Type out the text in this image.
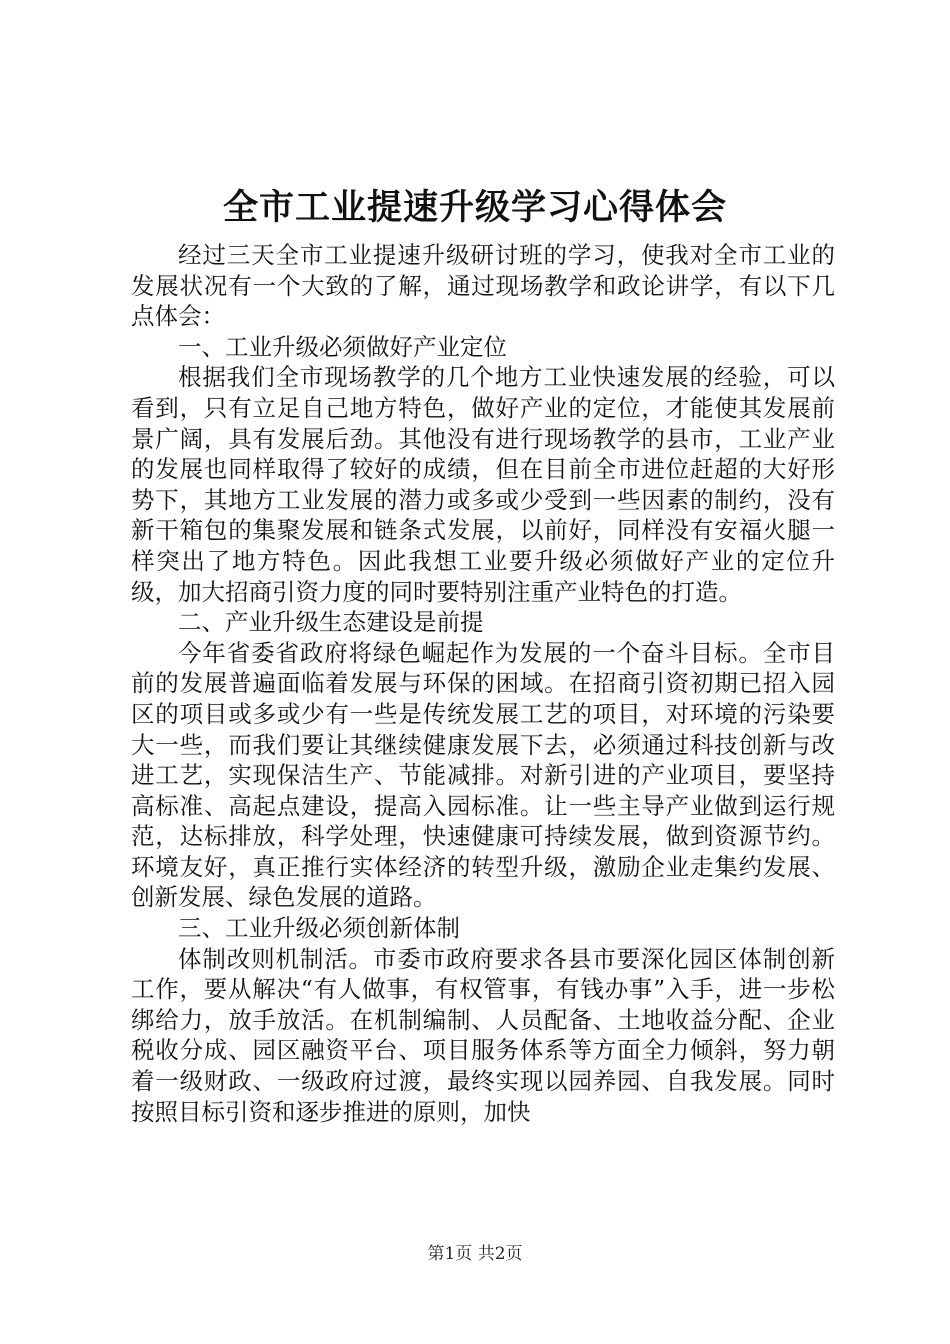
全市工业提速升级学习心得体会

经过三天全市工业提速升级研讨班的学习，使我对全市工业的发展状况有一个大致的了解，通过现场教学和政论讲学，有以下几点体会：

一、工业升级必须做好产业定位

根据我们全市现场教学的几个地方工业快速发展的经验，可以看到，只有立足自己地方特色，做好产业的定位，才能使其发展前景广阔，具有发展后劲。其他没有进行现场教学的县市，工业产业的发展也同样取得了较好的成绩，但在目前全市进位赶超的大好形势下，其地方工业发展的潜力或多或少受到一些因素的制约，没有新干箱包的集聚发展和链条式发展，以前好，同样没有安福火腿一样突出了地方特色。因此我想工业要升级必须做好产业的定位升级，加大招商引资力度的同时要特别注重产业特色的打造。

二、产业升级生态建设是前提

今年省委省政府将绿色崛起作为发展的一个奋斗目标。全市目前的发展普遍面临着发展与环保的困域。在招商引资初期已招入园区的项目或多或少有一些是传统发展工艺的项目，对环境的污染要大一些，而我们要让其继续健康发展下去，必须通过科技创新与改进工艺，实现保洁生产、节能减排。对新引进的产业项目，要坚持高标准、高起点建设，提高入园标准。让一些主导产业做到运行规范，达标排放，科学处理，快速健康可持续发展，做到资源节约。环境友好，真正推行实体经济的转型升级，激励企业走集约发展、创新发展、绿色发展的道路。

三、工业升级必须创新体制

体制改则机制活。市委市政府要求各县市要深化园区体制创新工作，要从解决“有人做事，有权管事，有钱办事”入手，进一步松绑给力，放手放活。在机制编制、人员配备、土地收益分配、企业税收分成、园区融资平台、项目服务体系等方面全力倾斜，努力朝着一级财政、一级政府过渡，最终实现以园养园、自我发展。同时按照目标引资和逐步推进的原则，加快

第1页 共2页
